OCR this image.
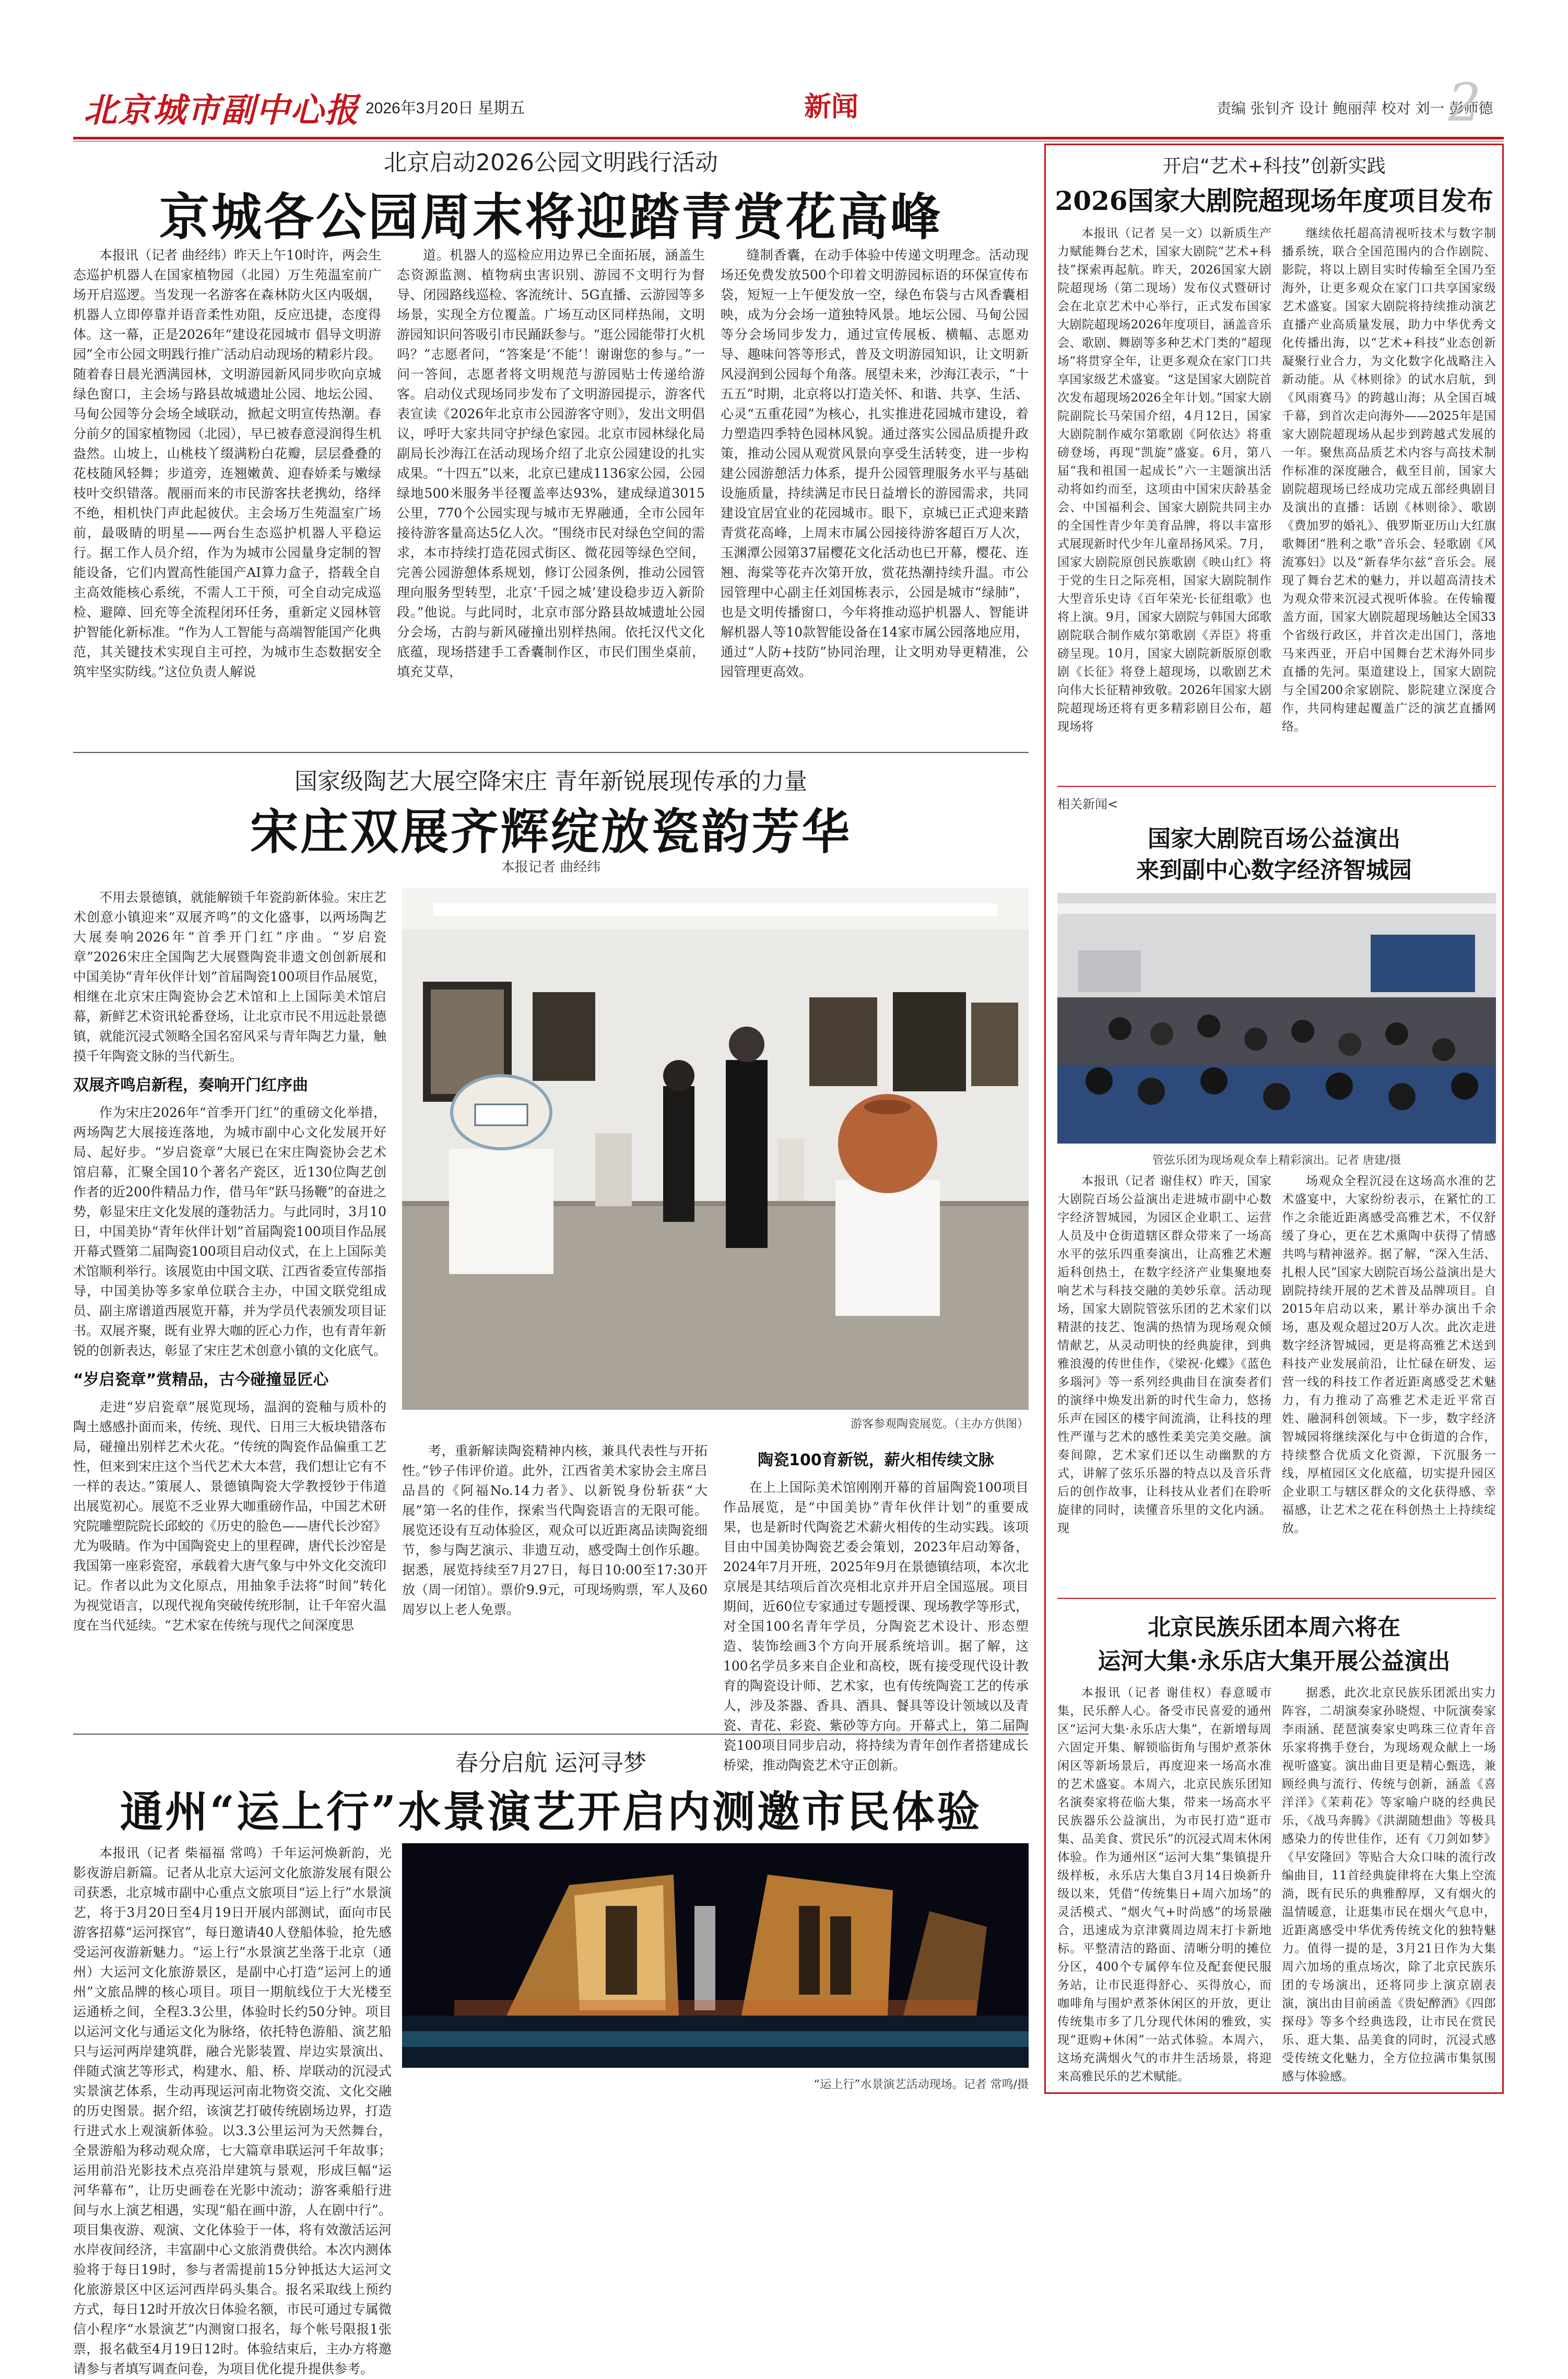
北京城市副中心报 2026年3月20日 星期五	新闻	责编 张钊齐 设计 鲍丽萍 校对 刘一 彭师德
2
北京启动2026公园文明践行活动
京城各公园周末将迎踏青赏花高峰

本报讯（记者 曲经纬）昨天上午10时许，两会生态巡护机器人在国家植物园（北园）万生苑温室前广场开启巡逻。当发现一名游客在森林防火区内吸烟，机器人立即停靠并语音柔性劝阻，反应迅捷，态度得体。这一幕，正是2026年“建设花园城市 倡导文明游园”全市公园文明践行推广活动启动现场的精彩片段。随着春日晨光洒满园林，文明游园新风同步吹向京城绿色窗口，主会场与路县故城遗址公园、地坛公园、马甸公园等分会场全域联动，掀起文明宣传热潮。春分前夕的国家植物园（北园），早已被春意浸润得生机盎然。山坡上，山桃枝丫缀满粉白花瓣，层层叠叠的花枝随风轻舞；步道旁，连翘嫩黄、迎春娇柔与嫩绿枝叶交织错落。靓丽而来的市民游客扶老携幼，络绎不绝，相机快门声此起彼伏。主会场万生苑温室广场前，最吸睛的明星——两台生态巡护机器人平稳运行。据工作人员介绍，作为为城市公园量身定制的智能设备，它们内置高性能国产AI算力盒子，搭载全自主高效能核心系统，不需人工干预，可全自动完成巡检、避障、回充等全流程闭环任务，重新定义园林管护智能化新标准。“作为人工智能与高端智能国产化典范，其关键技术实现自主可控，为城市生态数据安全筑牢坚实防线。”这位负责人解说

道。机器人的巡检应用边界已全面拓展，涵盖生态资源监测、植物病虫害识别、游园不文明行为督导、闭园路线巡检、客流统计、5G直播、云游园等多场景，实现全方位覆盖。广场互动区同样热闹，文明游园知识问答吸引市民踊跃参与。“逛公园能带打火机吗？”志愿者问，“答案是‘不能’！谢谢您的参与。”一问一答间，志愿者将文明规范与游园贴士传递给游客。启动仪式现场同步发布了文明游园提示，游客代表宣读《2026年北京市公园游客守则》，发出文明倡议，呼吁大家共同守护绿色家园。北京市园林绿化局副局长沙海江在活动现场介绍了北京公园建设的扎实成果。“十四五”以来，北京已建成1136家公园，公园绿地500米服务半径覆盖率达93%，建成绿道3015公里，770个公园实现与城市无界融通，全市公园年接待游客量高达5亿人次。“围绕市民对绿色空间的需求，本市持续打造花园式街区、微花园等绿色空间，完善公园游憩体系规划，修订公园条例，推动公园管理向服务型转型，北京‘千园之城’建设稳步迈入新阶段。”他说。与此同时，北京市部分路县故城遗址公园分会场，古韵与新风碰撞出别样热闹。依托汉代文化底蕴，现场搭建手工香囊制作区，市民们围坐桌前，填充艾草，

缝制香囊，在动手体验中传递文明理念。活动现场还免费发放500个印着文明游园标语的环保宣传布袋，短短一上午便发放一空，绿色布袋与古风香囊相映，成为分会场一道独特风景。地坛公园、马甸公园等分会场同步发力，通过宣传展板、横幅、志愿劝导、趣味问答等形式，普及文明游园知识，让文明新风浸润到公园每个角落。展望未来，沙海江表示，“十五五”时期，北京将以打造关怀、和谐、共享、生活、心灵“五重花园”为核心，扎实推进花园城市建设，着力塑造四季特色园林风貌。通过落实公园品质提升政策，推动公园从观赏风景向享受生活转变，进一步构建公园游憩活力体系，提升公园管理服务水平与基础设施质量，持续满足市民日益增长的游园需求，共同建设宜居宜业的花园城市。眼下，京城已正式迎来踏青赏花高峰，上周末市属公园接待游客超百万人次，玉渊潭公园第37届樱花文化活动也已开幕，樱花、连翘、海棠等花卉次第开放，赏花热潮持续升温。市公园管理中心副主任刘国栋表示，公园是城市“绿肺”，也是文明传播窗口，今年将推动巡护机器人、智能讲解机器人等10款智能设备在14家市属公园落地应用，通过“人防+技防”协同治理，让文明劝导更精准，公园管理更高效。

国家级陶艺大展空降宋庄 青年新锐展现传承的力量
宋庄双展齐辉绽放瓷韵芳华
本报记者 曲经纬

不用去景德镇，就能解锁千年瓷韵新体验。宋庄艺术创意小镇迎来“双展齐鸣”的文化盛事，以两场陶艺大展奏响2026年“首季开门红”序曲。“岁启瓷章”2026宋庄全国陶艺大展暨陶瓷非遗文创创新展和中国美协“青年伙伴计划”首届陶瓷100项目作品展览，相继在北京宋庄陶瓷协会艺术馆和上上国际美术馆启幕，新鲜艺术资讯轮番登场，让北京市民不用远赴景德镇，就能沉浸式领略全国名窑风采与青年陶艺力量，触摸千年陶瓷文脉的当代新生。

双展齐鸣启新程，奏响开门红序曲

作为宋庄2026年“首季开门红”的重磅文化举措，两场陶艺大展接连落地，为城市副中心文化发展开好局、起好步。“岁启瓷章”大展已在宋庄陶瓷协会艺术馆启幕，汇聚全国10个著名产瓷区，近130位陶艺创作者的近200件精品力作，借马年“跃马扬鞭”的奋进之势，彰显宋庄文化发展的蓬勃活力。与此同时，3月10日，中国美协“青年伙伴计划”首届陶瓷100项目作品展开幕式暨第二届陶瓷100项目启动仪式，在上上国际美术馆顺利举行。该展览由中国文联、江西省委宣传部指导，中国美协等多家单位联合主办，中国文联党组成员、副主席谱道西展览开幕，并为学员代表颁发项目证书。双展齐聚，既有业界大咖的匠心力作，也有青年新锐的创新表达，彰显了宋庄艺术创意小镇的文化底气。

“岁启瓷章”赏精品，古今碰撞显匠心

走进“岁启瓷章”展览现场，温润的瓷釉与质朴的陶土感感扑面而来，传统、现代、日用三大板块错落布局，碰撞出别样艺术火花。“传统的陶瓷作品偏重工艺性，但来到宋庄这个当代艺术大本营，我们想让它有不一样的表达。”策展人、景德镇陶瓷大学教授钞于伟道出展览初心。展览不乏业界大咖重磅作品，中国艺术研究院雕塑院院长邱蛟的《历史的脸色——唐代长沙窑》尤为吸睛。作为中国陶瓷史上的里程碑，唐代长沙窑是我国第一座彩瓷窑，承载着大唐气象与中外文化交流印记。作者以此为文化原点，用抽象手法将“时间”转化为视觉语言，以现代视角突破传统形制，让千年窑火温度在当代延续。“艺术家在传统与现代之间深度思

游客参观陶瓷展览。（主办方供图）

考，重新解读陶瓷精神内核，兼具代表性与开拓性。”钞子伟评价道。此外，江西省美术家协会主席吕品昌的《阿福No.14力者》、以新锐身份斩获“大展”第一名的佳作，探索当代陶瓷语言的无限可能。展览还设有互动体验区，观众可以近距离品读陶瓷细节，参与陶艺演示、非遗互动，感受陶土创作乐趣。据悉，展览持续至7月27日，每日10:00至17:30开放（周一闭馆）。票价9.9元，可现场购票，军人及60周岁以上老人免票。

陶瓷100育新锐，薪火相传续文脉

在上上国际美术馆刚刚开幕的首届陶瓷100项目作品展览，是“中国美协”青年伙伴计划”的重要成果，也是新时代陶瓷艺术薪火相传的生动实践。该项目由中国美协陶瓷艺委会策划，2023年启动筹备，2024年7月开班，2025年9月在景德镇结项，本次北京展是其结项后首次亮相北京并开启全国巡展。项目期间，近60位专家通过专题授课、现场教学等形式，对全国100名青年学员，分陶瓷艺术设计、形态塑造、装饰绘画3个方向开展系统培训。据了解，这100名学员多来自企业和高校，既有接受现代设计教育的陶瓷设计师、艺术家，也有传统陶瓷工艺的传承人，涉及茶器、香具、酒具、餐具等设计领域以及青瓷、青花、彩瓷、紫砂等方向。开幕式上，第二届陶瓷100项目同步启动，将持续为青年创作者搭建成长桥梁，推动陶瓷艺术守正创新。

春分启航 运河寻梦
通州“运上行”水景演艺开启内测邀市民体验

本报讯（记者 柴福福 常鸣）千年运河焕新韵，光影夜游启新篇。记者从北京大运河文化旅游发展有限公司获悉，北京城市副中心重点文旅项目“运上行”水景演艺，将于3月20日至4月19日开展内部测试，面向市民游客招募“运河探官”，每日邀请40人登船体验，抢先感受运河夜游新魅力。“运上行”水景演艺坐落于北京（通州）大运河文化旅游景区，是副中心打造“运河上的通州”文旅品牌的核心项目。项目一期航线位于大光楼至运通桥之间，全程3.3公里，体验时长约50分钟。项目以运河文化与通运文化为脉络，依托特色游船、演艺船只与运河两岸建筑群，融合光影装置、岸边实景演出、伴随式演艺等形式，构建水、船、桥、岸联动的沉浸式实景演艺体系，生动再现运河南北物资交流、文化交融的历史图景。据介绍，该演艺打破传统剧场边界，打造行进式水上观演新体验。以3.3公里运河为天然舞台，全景游船为移动观众席，七大篇章串联运河千年故事；运用前沿光影技术点亮沿岸建筑与景观，形成巨幅“运河华幕布”，让历史画卷在光影中流动；游客乘船行进间与水上演艺相遇，实现“船在画中游，人在剧中行”。项目集夜游、观演、文化体验于一体，将有效激活运河水岸夜间经济，丰富副中心文旅消费供给。本次内测体验将于每日19时，参与者需提前15分钟抵达大运河文化旅游景区中区运河西岸码头集合。报名采取线上预约方式，每日12时开放次日体验名额，市民可通过专属微信小程序“水景演艺”内测窗口报名，每个帐号限报1张票，报名截至4月19日12时。体验结束后，主办方将邀请参与者填写调查问卷，为项目优化提升提供参考。

“运上行”水景演艺活动现场。记者 常鸣/摄
开启“艺术+科技”创新实践
2026国家大剧院超现场年度项目发布

本报讯（记者 吴一文）以新质生产力赋能舞台艺术，国家大剧院“艺术+科技”探索再起航。昨天，2026国家大剧院超现场（第二现场）发布仪式暨研讨会在北京艺术中心举行，正式发布国家大剧院超现场2026年度项目，涵盖音乐会、歌剧、舞剧等多种艺术门类的“超现场”将贯穿全年，让更多观众在家门口共享国家级艺术盛宴。“这是国家大剧院首次发布超现场2026全年计划。”国家大剧院副院长马荣国介绍，4月12日，国家大剧院制作威尔第歌剧《阿依达》将重磅登场，再现“凯旋”盛宴。6月，第八届“我和祖国一起成长”六一主题演出活动将如约而至，这项由中国宋庆龄基金会、中国福利会、国家大剧院共同主办的全国性青少年美育品牌，将以丰富形式展现新时代少年儿童昂扬风采。7月，国家大剧院原创民族歌剧《映山红》将于党的生日之际亮相，国家大剧院制作大型音乐史诗《百年荣光·长征组歌》也将上演。9月，国家大剧院与韩国大邱歌剧院联合制作威尔第歌剧《弄臣》将重磅呈现。10月，国家大剧院新版原创歌剧《长征》将登上超现场，以歌剧艺术向伟大长征精神致敬。2026年国家大剧院超现场还将有更多精彩剧目公布，超现场将

继续依托超高清视听技术与数字制播系统，联合全国范围内的合作剧院、影院，将以上剧目实时传输至全国乃至海外，让更多观众在家门口共享国家级艺术盛宴。国家大剧院将持续推动演艺直播产业高质量发展，助力中华优秀文化传播出海，以“艺术+科技”业态创新凝聚行业合力，为文化数字化战略注入新动能。从《林则徐》的试水启航，到《风雨赛马》的跨越山海；从全国百城千幕，到首次走向海外——2025年是国家大剧院超现场从起步到跨越式发展的一年。聚焦高品质艺术内容与高技术制作标准的深度融合，截至目前，国家大剧院超现场已经成功完成五部经典剧目及演出的直播：话剧《林则徐》、歌剧《费加罗的婚礼》、俄罗斯亚历山大红旗歌舞团“胜利之歌”音乐会、轻歌剧《风流寡妇》以及“新春华尔兹”音乐会。展现了舞台艺术的魅力，并以超高清技术为观众带来沉浸式视听体验。在传输覆盖方面，国家大剧院超现场触达全国33个省级行政区，并首次走出国门，落地马来西亚，开启中国舞台艺术海外同步直播的先河。渠道建设上，国家大剧院与全国200余家剧院、影院建立深度合作，共同构建起覆盖广泛的演艺直播网络。

相关新闻<
国家大剧院百场公益演出
来到副中心数字经济智城园
管弦乐团为现场观众奉上精彩演出。记者 唐建/摄

本报讯（记者 谢佳权）昨天，国家大剧院百场公益演出走进城市副中心数字经济智城园，为园区企业职工、运营人员及中仓街道辖区群众带来了一场高水平的弦乐四重奏演出，让高雅艺术邂逅科创热土，在数字经济产业集聚地奏响艺术与科技交融的美妙乐章。活动现场，国家大剧院管弦乐团的艺术家们以精湛的技艺、饱满的热情为现场观众倾情献艺，从灵动明快的经典旋律，到典雅浪漫的传世佳作，《梁祝·化蝶》《蓝色多瑙河》等一系列经典曲目在演奏者们的演绎中焕发出新的时代生命力，悠扬乐声在园区的楼宇间流淌，让科技的理性严谨与艺术的感性柔美完美交融。演奏间隙，艺术家们还以生动幽默的方式，讲解了弦乐乐器的特点以及音乐背后的创作故事，让科技从业者们在聆听旋律的同时，读懂音乐里的文化内涵。现

场观众全程沉浸在这场高水准的艺术盛宴中，大家纷纷表示，在紧忙的工作之余能近距离感受高雅艺术，不仅舒缓了身心，更在艺术熏陶中获得了情感共鸣与精神滋养。据了解，“深入生活、扎根人民”国家大剧院百场公益演出是大剧院持续开展的艺术普及品牌项目。自2015年启动以来，累计举办演出千余场，惠及观众超过20万人次。此次走进数字经济智城园，更是将高雅艺术送到科技产业发展前沿，让忙碌在研发、运营一线的科技工作者近距离感受艺术魅力，有力推动了高雅艺术走近平常百姓、融洞科创领域。下一步，数字经济智城园将继续深化与中仓街道的合作，持续整合优质文化资源，下沉服务一线，厚植园区文化底蕴，切实提升园区企业职工与辖区群众的文化获得感、幸福感，让艺术之花在科创热土上持续绽放。

北京民族乐团本周六将在
运河大集·永乐店大集开展公益演出

本报讯（记者 谢佳权）春意暖市集，民乐醉人心。备受市民喜爱的通州区“运河大集·永乐店大集”，在新增每周六固定开集、解锁临街角与围炉煮茶休闲区等新场景后，再度迎来一场高水准的艺术盛宴。本周六，北京民族乐团知名演奏家将莅临大集，带来一场高水平民族器乐公益演出，为市民打造“逛市集、品美食、赏民乐”的沉浸式周末休闲体验。作为通州区“运河大集”集镇提升级样板，永乐店大集自3月14日焕新升级以来，凭借“传统集日+周六加场”的灵活模式、“烟火气+时尚感”的场景融合，迅速成为京津冀周边周末打卡新地标。平整清洁的路面、清晰分明的摊位分区，400个专属停车位及配套便民服务站，让市民逛得舒心、买得放心，而咖啡角与围炉煮茶休闲区的开放，更让传统集市多了几分现代休闲的雅致，实现“逛购+休闲”一站式体验。本周六，这场充满烟火气的市井生活场景，将迎来高雅民乐的艺术赋能。

据悉，此次北京民族乐团派出实力阵容，二胡演奏家孙晓煜、中阮演奏家李雨涵、琵琶演奏家史鸣珠三位青年音乐家将携手登台，为现场观众献上一场视听盛宴。演出曲目更是精心甄选，兼顾经典与流行、传统与创新，涵盖《喜洋洋》《茉莉花》等家喻户晓的经典民乐，《战马奔腾》《洪湖随想曲》等极具感染力的传世佳作，还有《刀剑如梦》《早安隆回》等贴合大众口味的流行改编曲目，11首经典旋律将在大集上空流淌，既有民乐的典雅醇厚，又有烟火的温情暖意，让逛集市民在烟火气息中，近距离感受中华优秀传统文化的独特魅力。值得一提的是，3月21日作为大集周六加场的重点场次，除了北京民族乐团的专场演出，还将同步上演京剧表演，演出由目前函盖《贵妃醉酒》《四郎探母》等多个经典选段，让市民在赏民乐、逛大集、品美食的同时，沉浸式感受传统文化魅力，全方位拉满市集氛围感与体验感。
